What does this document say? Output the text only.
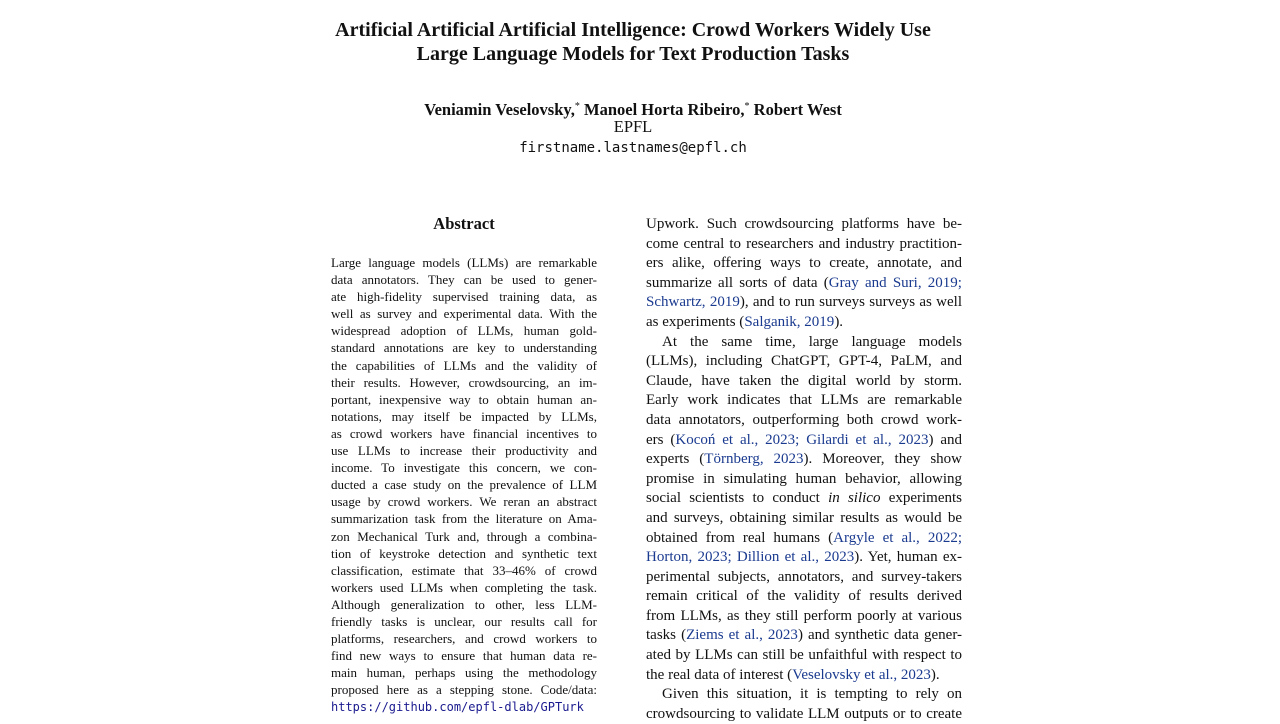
Artificial Artificial Artificial Intelligence: Crowd Workers Widely Use
Large Language Models for Text Production Tasks
Veniamin Veselovsky,* Manoel Horta Ribeiro,* Robert West
EPFL
firstname.lastnames@epfl.ch
Abstract
Large language models (LLMs) are remarkable
data annotators. They can be used to gener-
ate high-fidelity supervised training data, as
well as survey and experimental data. With the
widespread adoption of LLMs, human gold-
standard annotations are key to understanding
the capabilities of LLMs and the validity of
their results. However, crowdsourcing, an im-
portant, inexpensive way to obtain human an-
notations, may itself be impacted by LLMs,
as crowd workers have financial incentives to
use LLMs to increase their productivity and
income. To investigate this concern, we con-
ducted a case study on the prevalence of LLM
usage by crowd workers. We reran an abstract
summarization task from the literature on Ama-
zon Mechanical Turk and, through a combina-
tion of keystroke detection and synthetic text
classification, estimate that 33–46% of crowd
workers used LLMs when completing the task.
Although generalization to other, less LLM-
friendly tasks is unclear, our results call for
platforms, researchers, and crowd workers to
find new ways to ensure that human data re-
main human, perhaps using the methodology
proposed here as a stepping stone. Code/data:
https://github.com/epfl-dlab/GPTurk
Upwork. Such crowdsourcing platforms have be-
come central to researchers and industry practition-
ers alike, offering ways to create, annotate, and
summarize all sorts of data (Gray and Suri, 2019;
Schwartz, 2019), and to run surveys surveys as well
as experiments (Salganik, 2019).
At the same time, large language models
(LLMs), including ChatGPT, GPT-4, PaLM, and
Claude, have taken the digital world by storm.
Early work indicates that LLMs are remarkable
data annotators, outperforming both crowd work-
ers (Kocoń et al., 2023; Gilardi et al., 2023) and
experts (Törnberg, 2023). Moreover, they show
promise in simulating human behavior, allowing
social scientists to conduct in silico experiments
and surveys, obtaining similar results as would be
obtained from real humans (Argyle et al., 2022;
Horton, 2023; Dillion et al., 2023). Yet, human ex-
perimental subjects, annotators, and survey-takers
remain critical of the validity of results derived
from LLMs, as they still perform poorly at various
tasks (Ziems et al., 2023) and synthetic data gener-
ated by LLMs can still be unfaithful with respect to
the real data of interest (Veselovsky et al., 2023).
Given this situation, it is tempting to rely on
crowdsourcing to validate LLM outputs or to create
